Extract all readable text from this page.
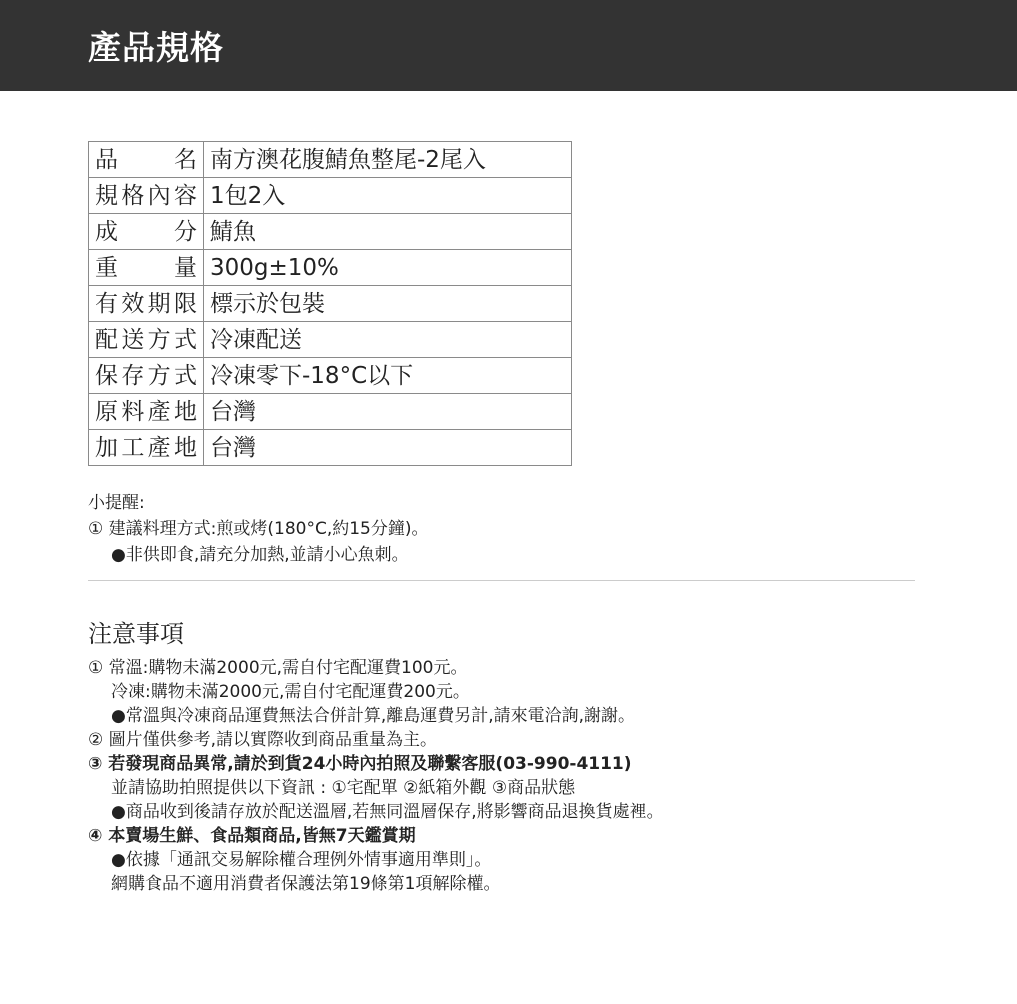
產品規格
品名	南方澳花腹鯖魚整尾-2尾入
規格內容	1包2入
成分	鯖魚
重量	300g±10%
有效期限	標示於包裝
配送方式	冷凍配送
保存方式	冷凍零下-18°C以下
原料產地	台灣
加工產地	台灣
小提醒:
① 建議料理方式:煎或烤(180°C,約15分鐘)。
●非供即食,請充分加熱,並請小心魚刺。
注意事項
① 常溫:購物未滿2000元,需自付宅配運費100元。
冷凍:購物未滿2000元,需自付宅配運費200元。
●常溫與冷凍商品運費無法合併計算,離島運費另計,請來電洽詢,謝謝。
② 圖片僅供參考,請以實際收到商品重量為主。
③ 若發現商品異常,請於到貨24小時內拍照及聯繫客服(03-990-4111)
並請協助拍照提供以下資訊 : ①宅配單 ②紙箱外觀 ③商品狀態
●商品收到後請存放於配送溫層,若無同溫層保存,將影響商品退換貨處裡。
④ 本賣場生鮮、食品類商品,皆無7天鑑賞期
●依據「通訊交易解除權合理例外情事適用準則」。
網購食品不適用消費者保護法第19條第1項解除權。
